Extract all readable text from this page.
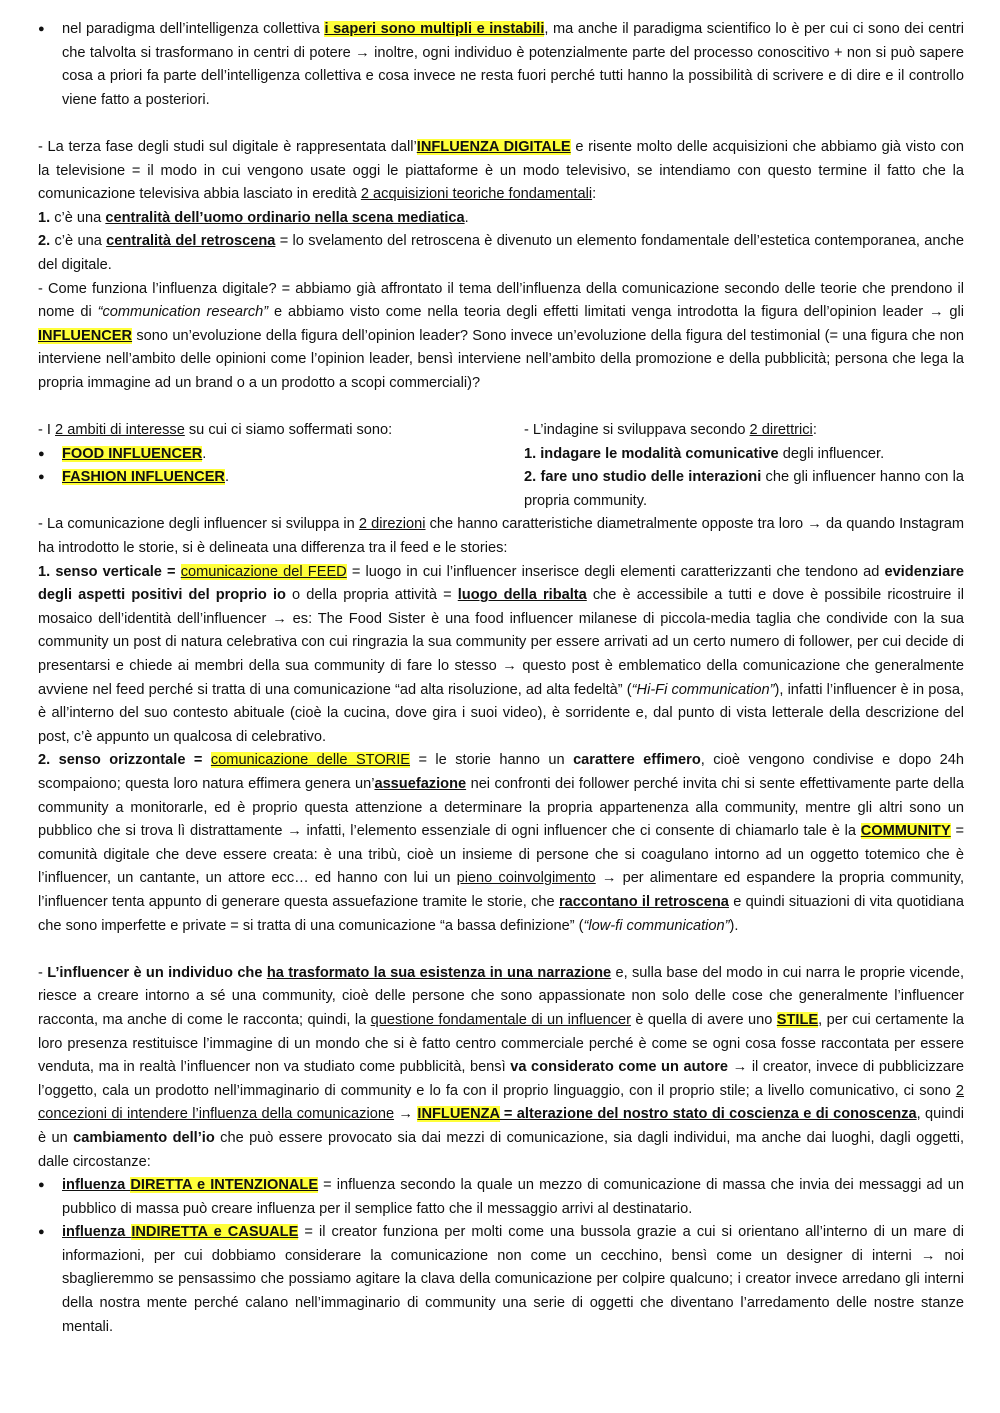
● nel paradigma dell’intelligenza collettiva i saperi sono multipli e instabili, ma anche il paradigma scientifico lo è per cui ci sono dei centri che talvolta si trasformano in centri di potere → inoltre, ogni individuo è potenzialmente parte del processo conoscitivo + non si può sapere cosa a priori fa parte dell’intelligenza collettiva e cosa invece ne resta fuori perché tutti hanno la possibilità di scrivere e di dire e il controllo viene fatto a posteriori.

- La terza fase degli studi sul digitale è rappresentata dall’INFLUENZA DIGITALE e risente molto delle acquisizioni che abbiamo già visto con la televisione = il modo in cui vengono usate oggi le piattaforme è un modo televisivo, se intendiamo con questo termine il fatto che la comunicazione televisiva abbia lasciato in eredità 2 acquisizioni teoriche fondamentali:

1. c’è una centralità dell’uomo ordinario nella scena mediatica.

2. c’è una centralità del retroscena = lo svelamento del retroscena è divenuto un elemento fondamentale dell’estetica contemporanea, anche del digitale.

- Come funziona l’influenza digitale? = abbiamo già affrontato il tema dell’influenza della comunicazione secondo delle teorie che prendono il nome di “communication research” e abbiamo visto come nella teoria degli effetti limitati venga introdotta la figura dell’opinion leader → gli INFLUENCER sono un’evoluzione della figura dell’opinion leader? Sono invece un’evoluzione della figura del testimonial (= una figura che non interviene nell’ambito delle opinioni come l’opinion leader, bensì interviene nell’ambito della promozione e della pubblicità; persona che lega la propria immagine ad un brand o a un prodotto a scopi commerciali)?

- I 2 ambiti di interesse su cui ci siamo soffermati sono:

● FOOD INFLUENCER.

● FASHION INFLUENCER.

- L’indagine si sviluppava secondo 2 direttrici:

1. indagare le modalità comunicative degli influencer.

2. fare uno studio delle interazioni che gli influencer hanno con la propria community.

- La comunicazione degli influencer si sviluppa in 2 direzioni che hanno caratteristiche diametralmente opposte tra loro → da quando Instagram ha introdotto le storie, si è delineata una differenza tra il feed e le stories:

1. senso verticale = comunicazione del FEED = luogo in cui l’influencer inserisce degli elementi caratterizzanti che tendono ad evidenziare degli aspetti positivi del proprio io o della propria attività = luogo della ribalta che è accessibile a tutti e dove è possibile ricostruire il mosaico dell’identità dell’influencer → es: The Food Sister è una food influencer milanese di piccola-media taglia che condivide con la sua community un post di natura celebrativa con cui ringrazia la sua community per essere arrivati ad un certo numero di follower, per cui decide di presentarsi e chiede ai membri della sua community di fare lo stesso → questo post è emblematico della comunicazione che generalmente avviene nel feed perché si tratta di una comunicazione “ad alta risoluzione, ad alta fedeltà” (“Hi-Fi communication”), infatti l’influencer è in posa, è all’interno del suo contesto abituale (cioè la cucina, dove gira i suoi video), è sorridente e, dal punto di vista letterale della descrizione del post, c’è appunto un qualcosa di celebrativo.

2. senso orizzontale = comunicazione delle STORIE = le storie hanno un carattere effimero, cioè vengono condivise e dopo 24h scompaiono; questa loro natura effimera genera un’assuefazione nei confronti dei follower perché invita chi si sente effettivamente parte della community a monitorarle, ed è proprio questa attenzione a determinare la propria appartenenza alla community, mentre gli altri sono un pubblico che si trova lì distrattamente → infatti, l’elemento essenziale di ogni influencer che ci consente di chiamarlo tale è la COMMUNITY = comunità digitale che deve essere creata: è una tribù, cioè un insieme di persone che si coagulano intorno ad un oggetto totemico che è l’influencer, un cantante, un attore ecc… ed hanno con lui un pieno coinvolgimento → per alimentare ed espandere la propria community, l’influencer tenta appunto di generare questa assuefazione tramite le storie, che raccontano il retroscena e quindi situazioni di vita quotidiana che sono imperfette e private = si tratta di una comunicazione “a bassa definizione” (“low-fi communication”).

- L’influencer è un individuo che ha trasformato la sua esistenza in una narrazione e, sulla base del modo in cui narra le proprie vicende, riesce a creare intorno a sé una community, cioè delle persone che sono appassionate non solo delle cose che generalmente l’influencer racconta, ma anche di come le racconta; quindi, la questione fondamentale di un influencer è quella di avere uno STILE, per cui certamente la loro presenza restituisce l’immagine di un mondo che si è fatto centro commerciale perché è come se ogni cosa fosse raccontata per essere venduta, ma in realtà l’influencer non va studiato come pubblicità, bensì va considerato come un autore → il creator, invece di pubblicizzare l’oggetto, cala un prodotto nell’immaginario di community e lo fa con il proprio linguaggio, con il proprio stile; a livello comunicativo, ci sono 2 concezioni di intendere l’influenza della comunicazione → INFLUENZA = alterazione del nostro stato di coscienza e di conoscenza, quindi è un cambiamento dell’io che può essere provocato sia dai mezzi di comunicazione, sia dagli individui, ma anche dai luoghi, dagli oggetti, dalle circostanze:

● influenza DIRETTA e INTENZIONALE = influenza secondo la quale un mezzo di comunicazione di massa che invia dei messaggi ad un pubblico di massa può creare influenza per il semplice fatto che il messaggio arrivi al destinatario.

● influenza INDIRETTA e CASUALE = il creator funziona per molti come una bussola grazie a cui si orientano all’interno di un mare di informazioni, per cui dobbiamo considerare la comunicazione non come un cecchino, bensì come un designer di interni → noi sbaglieremmo se pensassimo che possiamo agitare la clava della comunicazione per colpire qualcuno; i creator invece arredano gli interni della nostra mente perché calano nell’immaginario di community una serie di oggetti che diventano l’arredamento delle nostre stanze mentali.
